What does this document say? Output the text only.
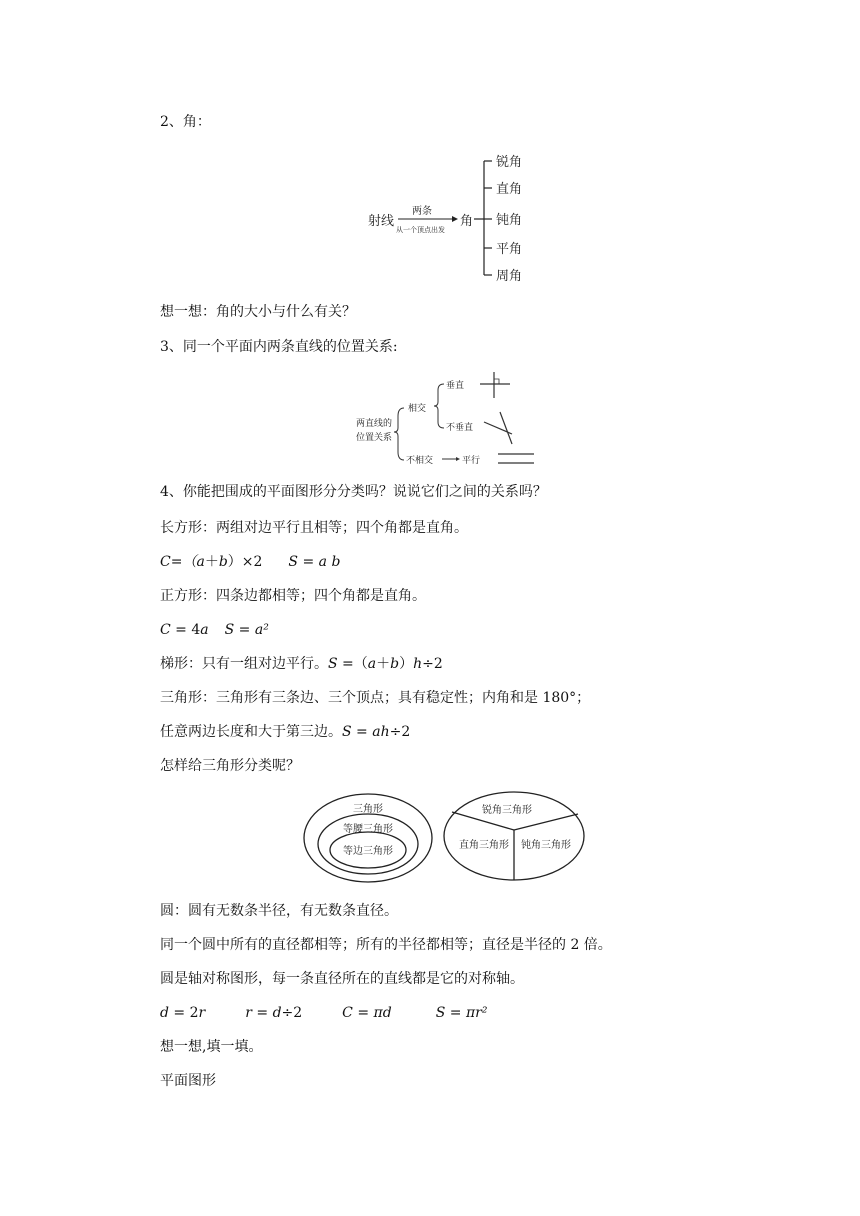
2、角：
射线
两条
从一个顶点出发
角
锐角
直角
钝角
平角
周角
想一想：角的大小与什么有关？
3、同一个平面内两条直线的位置关系:
两直线的
位置关系
相交
垂直
不垂直
不相交	平行
4、你能把围成的平面图形分分类吗？说说它们之间的关系吗？
长方形：两组对边平行且相等；四个角都是直角。
C=（a＋b）×2 S = a b
正方形：四条边都相等；四个角都是直角。
C = 4a S = a²
梯形：只有一组对边平行。S =（a＋b）h÷2
三角形：三角形有三条边、三个顶点；具有稳定性；内角和是 180°；
任意两边长度和大于第三边。S = ah÷2
怎样给三角形分类呢？
三角形
等腰三角形
等边三角形
锐角三角形
直角三角形 钝角三角形
圆：圆有无数条半径，有无数条直径。
同一个圆中所有的直径都相等；所有的半径都相等；直径是半径的 2 倍。
圆是轴对称图形，每一条直径所在的直线都是它的对称轴。
d = 2r	r = d÷2	C = πd	S = πr²
想一想,填一填。
平面图形
